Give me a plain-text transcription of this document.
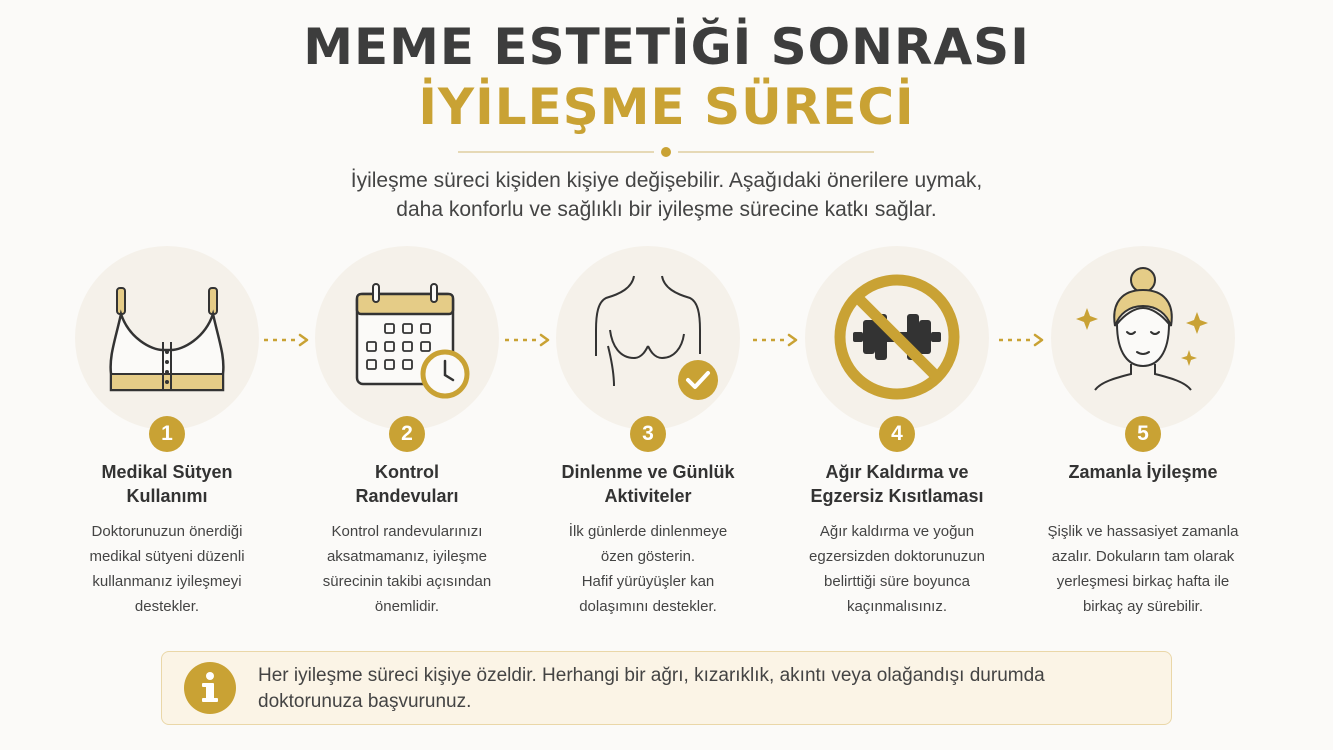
MEME ESTETİĞİ SONRASI
İYİLEŞME SÜRECİ
İyileşme süreci kişiden kişiye değişebilir. Aşağıdaki önerilere uymak,
daha konforlu ve sağlıklı bir iyileşme sürecine katkı sağlar.
1
Medikal Sütyen
Kullanımı
Doktorunuzun önerdiği
medikal sütyeni düzenli
kullanmanız iyileşmeyi
destekler.
2
Kontrol
Randevuları
Kontrol randevularınızı
aksatmamanız, iyileşme
sürecinin takibi açısından
önemlidir.
3
Dinlenme ve Günlük
Aktiviteler
İlk günlerde dinlenmeye
özen gösterin.
Hafif yürüyüşler kan
dolaşımını destekler.
4
Ağır Kaldırma ve
Egzersiz Kısıtlaması
Ağır kaldırma ve yoğun
egzersizden doktorunuzun
belirttiği süre boyunca
kaçınmalısınız.
5
Zamanla İyileşme
Şişlik ve hassasiyet zamanla
azalır. Dokuların tam olarak
yerleşmesi birkaç hafta ile
birkaç ay sürebilir.
Her iyileşme süreci kişiye özeldir. Herhangi bir ağrı, kızarıklık, akıntı veya olağandışı durumda
doktorunuza başvurunuz.
